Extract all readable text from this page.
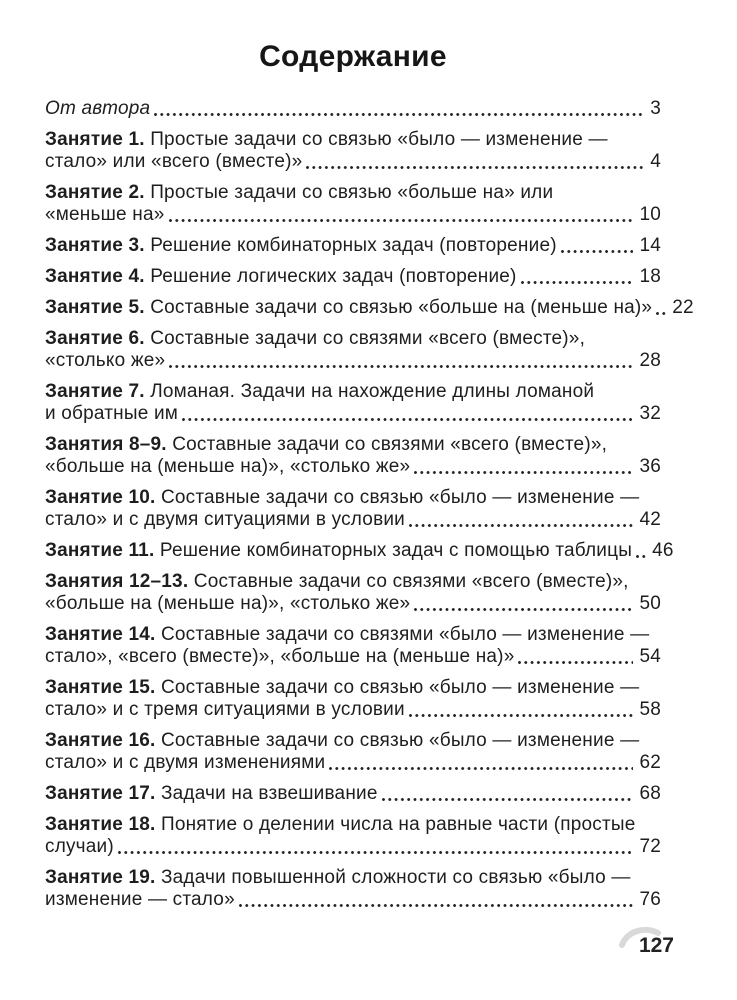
Содержание
От автора	3
Занятие 1. Простые задачи со связью «было — изменение —
стало» или «всего (вместе)»	4
Занятие 2. Простые задачи со связью «больше на» или
«меньше на»	10
Занятие 3. Решение комбинаторных задач (повторение)	14
Занятие 4. Решение логических задач (повторение)	18
Занятие 5. Составные задачи со связью «больше на (меньше на)» 22
Занятие 6. Составные задачи со связями «всего (вместе)»,
«столько же»	28
Занятие 7. Ломаная. Задачи на нахождение длины ломаной
и обратные им	32
Занятия 8–9. Составные задачи со связями «всего (вместе)»,
«больше на (меньше на)», «столько же»	36
Занятие 10. Составные задачи со связью «было — изменение —
стало» и с двумя ситуациями в условии	42
Занятие 11. Решение комбинаторных задач с помощью таблицы 46
Занятия 12–13. Составные задачи со связями «всего (вместе)»,
«больше на (меньше на)», «столько же»	50
Занятие 14. Составные задачи со связями «было — изменение —
стало», «всего (вместе)», «больше на (меньше на)»	54
Занятие 15. Составные задачи со связью «было — изменение —
стало» и с тремя ситуациями в условии	58
Занятие 16. Составные задачи со связью «было — изменение —
стало» и с двумя изменениями	62
Занятие 17. Задачи на взвешивание	68
Занятие 18. Понятие о делении числа на равные части (простые
случаи)	72
Занятие 19. Задачи повышенной сложности со связью «было —
изменение — стало»	76
127
